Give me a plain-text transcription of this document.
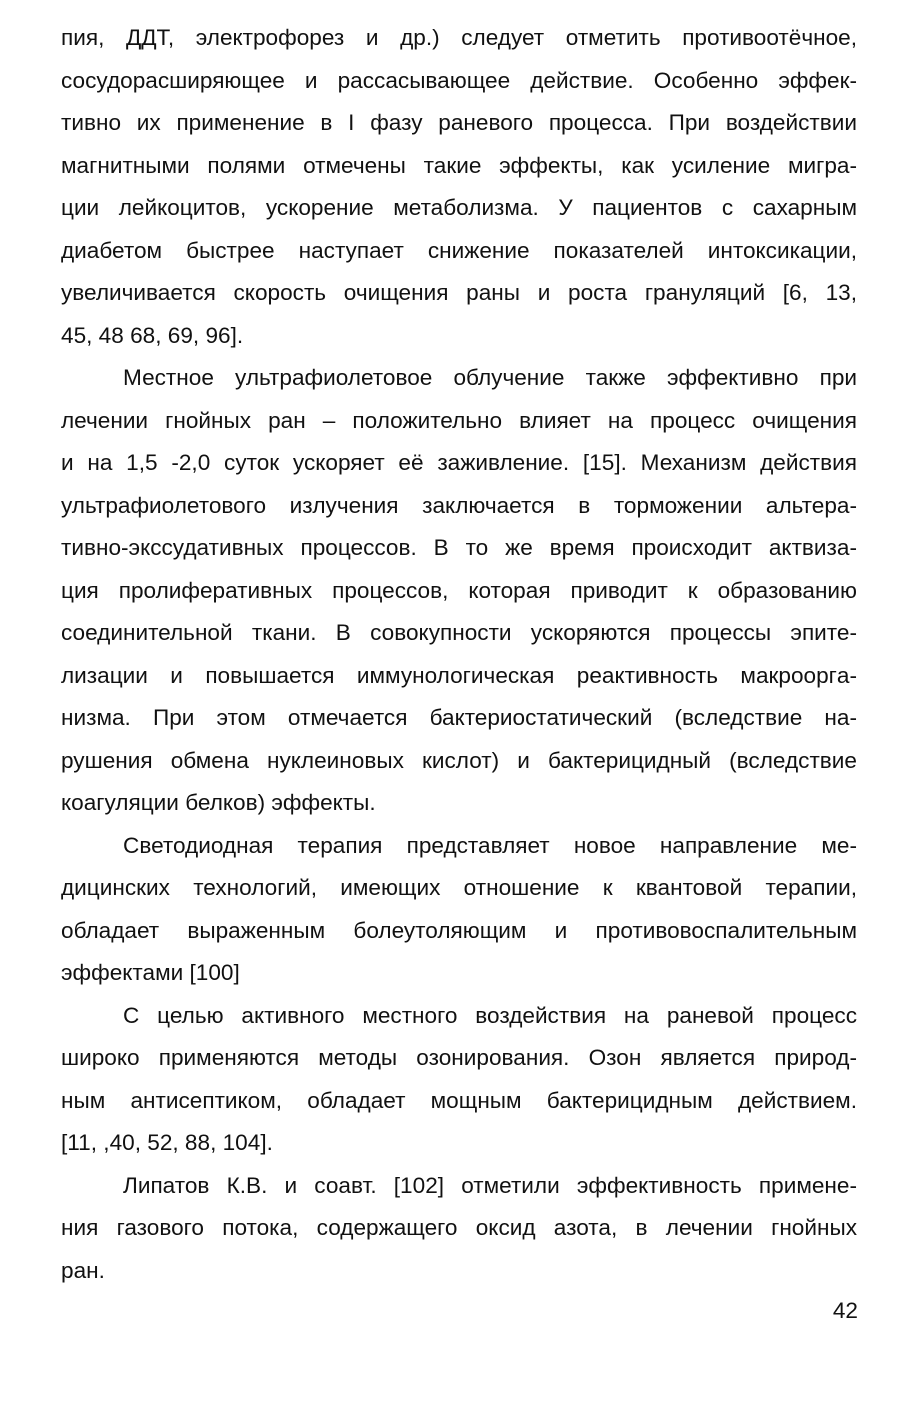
пия, ДДТ, электрофорез и др.) следует отметить противоотёчное,
сосудорасширяющее и рассасывающее действие. Особенно эффек-
тивно их применение в I фазу раневого процесса. При воздействии
магнитными полями отмечены такие эффекты, как усиление мигра-
ции лейкоцитов, ускорение метаболизма. У пациентов с сахарным
диабетом быстрее наступает снижение показателей интоксикации,
увеличивается скорость очищения раны и роста грануляций [6, 13,
45, 48 68, 69, 96].
Местное ультрафиолетовое облучение также эффективно при
лечении гнойных ран – положительно влияет на процесс очищения
и на 1,5 -2,0 суток ускоряет её заживление. [15]. Механизм действия
ультрафиолетового излучения заключается в торможении альтера-
тивно-экссудативных процессов. В то же время происходит актвиза-
ция пролиферативных процессов, которая приводит к образованию
соединительной ткани. В совокупности ускоряются процессы эпите-
лизации и повышается иммунологическая реактивность макрооргa-
низма. При этом отмечается бактериостатический (вследствие на-
рушения обмена нуклеиновых кислот) и бактерицидный (вследствие
коагуляции белков) эффекты.
Светодиодная терапия представляет новое направление ме-
дицинских технологий, имеющих отношение к квантовой терапии,
обладает выраженным болеутоляющим и противовоспалительным
эффектами [100]
С целью активного местного воздействия на раневой процесс
широко применяются методы озонирования. Озон является природ-
ным антисептиком, обладает мощным бактерицидным действием.
[11, ,40, 52, 88, 104].
Липатов К.В. и соавт. [102] отметили эффективность примене-
ния газового потока, содержащего оксид азота, в лечении гнойных
ран.
42
